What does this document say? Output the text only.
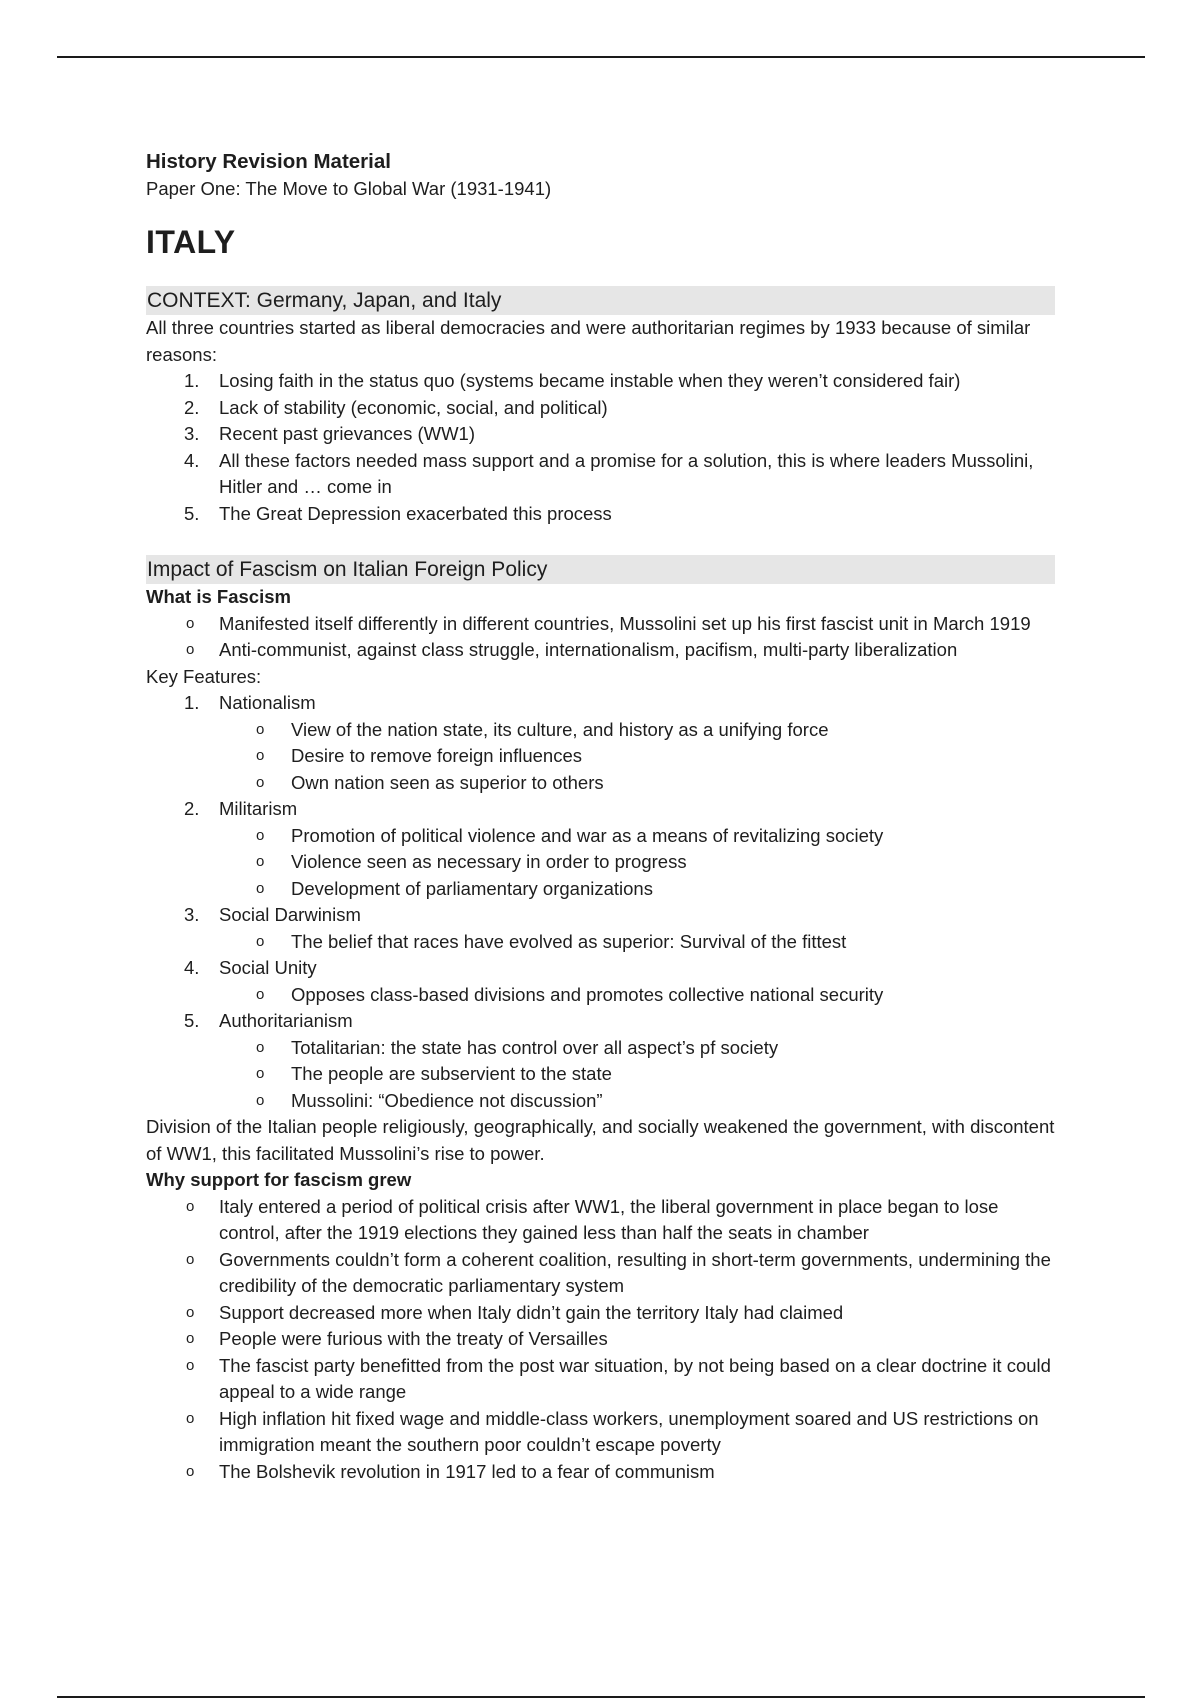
History Revision Material

Paper One: The Move to Global War (1931-1941)

ITALY
CONTEXT: Germany, Japan, and Italy

All three countries started as liberal democracies and were authoritarian regimes by 1933 because of similar reasons:

1. Losing faith in the status quo (systems became instable when they weren’t considered fair)
2. Lack of stability (economic, social, and political)
3. Recent past grievances (WW1)
4. All these factors needed mass support and a promise for a solution, this is where leaders Mussolini, Hitler and … come in
5. The Great Depression exacerbated this process
Impact of Fascism on Italian Foreign Policy

What is Fascism

o Manifested itself differently in different countries, Mussolini set up his first fascist unit in March 1919
o Anti-communist, against class struggle, internationalism, pacifism, multi-party liberalization

Key Features:

1. Nationalism
o View of the nation state, its culture, and history as a unifying force
o Desire to remove foreign influences
o Own nation seen as superior to others
2. Militarism
o Promotion of political violence and war as a means of revitalizing society
o Violence seen as necessary in order to progress
o Development of parliamentary organizations
3. Social Darwinism
o The belief that races have evolved as superior: Survival of the fittest
4. Social Unity
o Opposes class-based divisions and promotes collective national security
5. Authoritarianism
o Totalitarian: the state has control over all aspect’s pf society
o The people are subservient to the state
o Mussolini: “Obedience not discussion”

Division of the Italian people religiously, geographically, and socially weakened the government, with discontent of WW1, this facilitated Mussolini’s rise to power.

Why support for fascism grew

o Italy entered a period of political crisis after WW1, the liberal government in place began to lose control, after the 1919 elections they gained less than half the seats in chamber
o Governments couldn’t form a coherent coalition, resulting in short-term governments, undermining the credibility of the democratic parliamentary system
o Support decreased more when Italy didn’t gain the territory Italy had claimed
o People were furious with the treaty of Versailles
o The fascist party benefitted from the post war situation, by not being based on a clear doctrine it could appeal to a wide range
o High inflation hit fixed wage and middle-class workers, unemployment soared and US restrictions on immigration meant the southern poor couldn’t escape poverty
o The Bolshevik revolution in 1917 led to a fear of communism
